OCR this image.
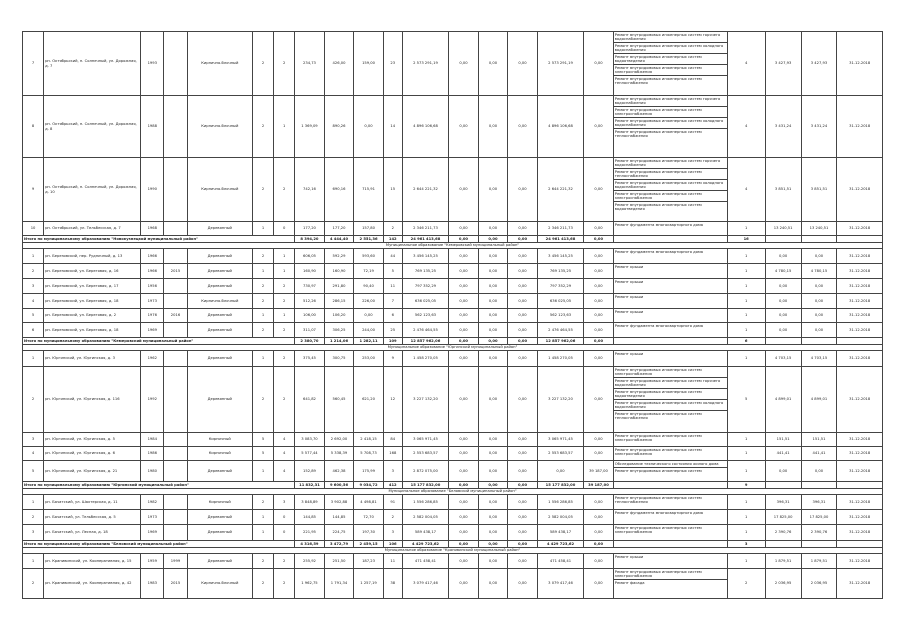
7	рп. Октябрьский, п. Солнечный, ул. Дорожная, д. 7	1993		Кирпично-блочный	2	2	234,73	426,00	159,00	23	2 573 291,19	0,00	0,00	0,00	2 573 291,19	0,00	Ремонт внутридомовых инженерных систем горячего водоснабжения
Ремонт внутридомовых инженерных систем холодного водоснабжения
Ремонт внутридомовых инженерных систем водоотведения
Ремонт внутридомовых инженерных систем электроснабжения
Ремонт внутридомовых инженерных систем теплоснабжения	4	3 427,93	3 427,93	31.12.2018
8	рп. Октябрьский, п. Солнечный, ул. Дорожная, д. 8	1988		Кирпично-блочный	2	1	1 369,09	890,26	0,00	14	4 896 106,68	0,00	0,00	0,00	4 896 106,68	0,00	Ремонт внутридомовых инженерных систем горячего водоснабжения
Ремонт внутридомовых инженерных систем электроснабжения
Ремонт внутридомовых инженерных систем холодного водоснабжения
Ремонт внутридомовых инженерных систем теплоснабжения	4	3 431,24	3 431,24	31.12.2018
9	рп. Октябрьский, п. Солнечный, ул. Дорожная, д. 10	1990		Кирпично-блочный	2	2	742,16	690,16	715,91	15	2 644 221,32	0,00	0,00	0,00	2 644 221,32	0,00	Ремонт внутридомовых инженерных систем горячего водоснабжения
Ремонт внутридомовых инженерных систем теплоснабжения
Ремонт внутридомовых инженерных систем холодного водоснабжения
Ремонт внутридомовых инженерных систем электроснабжения
Ремонт внутридомовых инженерных систем водоотведения	4	3 851,51	3 851,51	31.12.2018
10	рп. Октябрьский, ул. Тельбесская, д. 7	1968		Деревянный	1	0	177,20	177,20	157,80	2	2 346 211,73	0,00	0,00	0,00	2 346 211,73	0,00	Ремонт фундамента многоквартирного дома	1	13 240,51	13 240,51	31.12.2018
Итого по муниципальному образованию "Новокузнецкий муниципальный район"							8 394,20	4 444,40	2 551,36	142	24 961 413,68	0,00	0,00	0,00	24 961 413,68	0,00		16			
Муниципальное образование "Кемеровский муниципальный район"																					
1	рп. Березовский, пер. Рудничный, д. 13	1966		Деревянный	2	1	606,05	592,29	593,60	44	3 456 145,25	0,00	0,00	0,00	3 456 145,25	0,00	Ремонт фундамента многоквартирного дома	1	0,00	0,00	31.12.2018
2	рп. Березовский, ул. Береговая, д. 16	1966	2015	Деревянный	1	1	160,90	160,90	72,19	5	769 135,25	0,00	0,00	0,00	769 135,25	0,00	Ремонт крыши	1	4 780,15	4 780,15	31.12.2018
3	рп. Березовский, ул. Береговая, д. 17	1956		Деревянный	2	2	730,97	291,80	90,40	11	797 352,29	0,00	0,00	0,00	797 352,29	0,00	Ремонт крыши	1	0,00	0,00	31.12.2018
4	рп. Березовский, ул. Береговая, д. 18	1973		Кирпично-блочный	2	2	512,26	286,15	226,00	7	636 025,05	0,00	0,00	0,00	636 025,05	0,00	Ремонт крыши	1	0,00	0,00	31.12.2018
5	рп. Березовский, ул. Береговая, д. 2	1976	2016	Деревянный	1	1	106,00	106,20	0,00	6	562 123,63	0,00	0,00	0,00	562 123,63	0,00	Ремонт крыши	1	0,00	0,00	31.12.2018
6	рп. Березовский, ул. Береговая, д. 18	1969		Деревянный	2	2	311,07	306,25	244,00	25	2 476 464,55	0,00	0,00	0,00	2 476 464,55	0,00	Ремонт фундамента многоквартирного дома	1	0,00	0,00	31.12.2018
Итого по муниципальному образованию "Кемеровский муниципальный район"							2 380,70	1 214,06	1 282,11	109	12 857 962,06	0,00	0,00	0,00	12 857 962,06	0,00		6			
Муниципальное образование "Юргинский муниципальный район"																					
1	рп. Юргинский, ул. Юргинская, д. 3	1962		Деревянный	1	2	375,45	300,75	253,00	9	1 458 270,05	0,00	0,00	0,00	1 458 270,05	0,00	Ремонт крыши	1	4 703,15	4 703,15	31.12.2018
2	рп. Юргинский, ул. Юргинская, д. 116	1992		Деревянный	2	2	641,82	560,45	621,20	12	3 227 132,20	0,00	0,00	0,00	3 227 132,20	0,00	Ремонт внутридомовых инженерных систем электроснабжения
Ремонт внутридомовых инженерных систем горячего водоснабжения
Ремонт внутридомовых инженерных систем водоотведения
Ремонт внутридомовых инженерных систем холодного водоснабжения
Ремонт внутридомовых инженерных систем теплоснабжения	5	4 899,01	4 899,01	31.12.2018
3	рп. Юргинский, ул. Юргинская, д. 5	1984		Кирпичный	5	4	3 083,70	2 692,00	2 418,15	84	3 065 971,45	0,00	0,00	0,00	3 065 971,45	0,00	Ремонт внутридомовых инженерных систем электроснабжения	1	151,51	151,51	31.12.2018
4	рп. Юргинский, ул. Юргинская, д. 6	1986		Кирпичный	5	4	5 577,44	5 338,39	5 708,73	168	2 553 683,57	0,00	0,00	0,00	2 553 683,57	0,00	Ремонт внутридомовых инженерных систем электроснабжения	1	441,41	441,41	31.12.2018
5	рп. Юргинский, ул. Юргинская, д. 21	1980		Деревянный	1	4	152,89	462,38	175,99	3	2 872 075,00	0,00	0,00	0,00	0,00	39 187,00	Обследование технического состояния жилого дома
Ремонт внутридомовых инженерных систем	1	0,00	0,00	31.12.2018
Итого по муниципальному образованию "Юргинский муниципальный район"							11 832,31	9 600,56	9 034,72	412	15 177 832,00	0,00	0,00	0,00	15 177 832,00	39 187,00		9			
Муниципальное образование "Беловский муниципальный район"																					
1	рп. Бачатский, ул. Шахтерская, д. 11	1982		Кирпичный	2	3	3 848,89	3 902,88	4 498,81	91	1 556 286,85	0,00	0,00	0,00	1 556 286,85	0,00	Ремонт внутридомовых инженерных систем теплоснабжения	1	396,31	396,31	31.12.2018
2	рп. Бачатский, ул. Тельбесская, д. 5	1973		Деревянный	1	0	144,85	144,85	72,70	2	2 582 004,05	0,00	0,00	0,00	2 582 004,05	0,00	Ремонт фундамента многоквартирного дома	1	17 825,00	17 825,00	31.12.2018
3	рп. Бачатский, ул. Лесная, д. 18	1969		Деревянный	1	0	221,95	224,75	197,30	3	589 438,17	0,00	0,00	0,00	589 438,17	0,00	Ремонт внутридомовых инженерных систем электроснабжения	1	2 390,76	2 390,76	31.12.2018
Итого по муниципальному образованию "Беловский муниципальный район"							4 316,59	3 472,79	2 459,15	106	4 429 723,62	0,00	0,00	0,00	4 429 723,62	0,00		3			
Муниципальное образование "Крапивинский муниципальный район"																					
1	рп. Крапивинский, ул. Кооперативная, д. 15	1959	1999	Деревянный	2	2	255,92	251,50	187,23	11	471 458,41	0,00	0,00	0,00	471 458,41	0,00	Ремонт крыши	1	1 879,51	1 879,51	31.12.2018
2	рп. Крапивинский, ул. Кооперативная, д. 42	1983	2015	Кирпично-блочный	2	2	1 962,75	1 791,34	1 257,19	38	3 079 417,46	0,00	0,00	0,00	3 079 417,46	0,00	Ремонт внутридомовых инженерных систем электроснабжения
Ремонт фасада	2	2 036,95	2 036,95	31.12.2018
